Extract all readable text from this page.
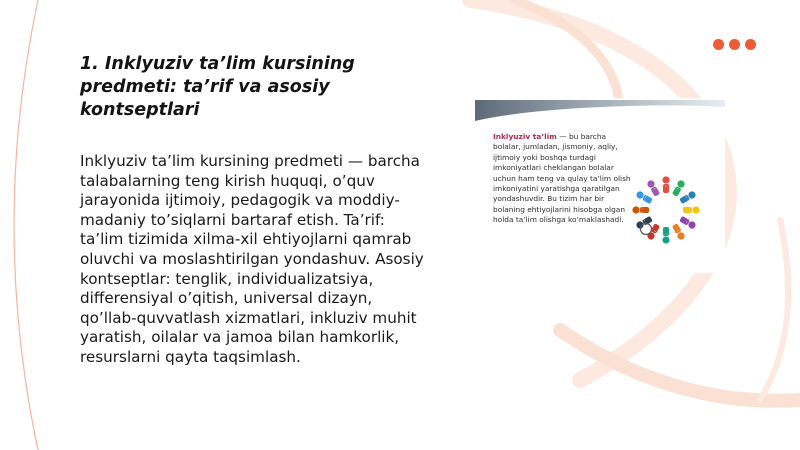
1. Inklyuziv ta’lim kursining predmeti: ta’rif va asosiy kontseptlari

Inklyuziv ta’lim kursining predmeti — barcha talabalarning teng kirish huquqi, o’quv jarayonida ijtimoiy, pedagogik va moddiy-madaniy to’siqlarni bartaraf etish. Ta’rif: ta’lim tizimida xilma-xil ehtiyojlarni qamrab oluvchi va moslashtirilgan yondashuv. Asosiy kontseptlar: tenglik, individualizatsiya, differensiyal o’qitish, universal dizayn, qo’llab-quvvatlash xizmatlari, inkluziv muhit yaratish, oilalar va jamoa bilan hamkorlik, resurslarni qayta taqsimlash.

Inklyuziv ta’lim — bu barcha bolalar, jumladan, jismoniy, aqliy, ijtimoiy yoki boshqa turdagi imkoniyatlari cheklangan bolalar uchun ham teng va qulay ta’lim olish imkoniyatini yaratishga qaratilgan yondashuvdir. Bu tizim har bir bolaning ehtiyojlarini hisobga olgan holda ta’lim olishga ko’maklashadi.
